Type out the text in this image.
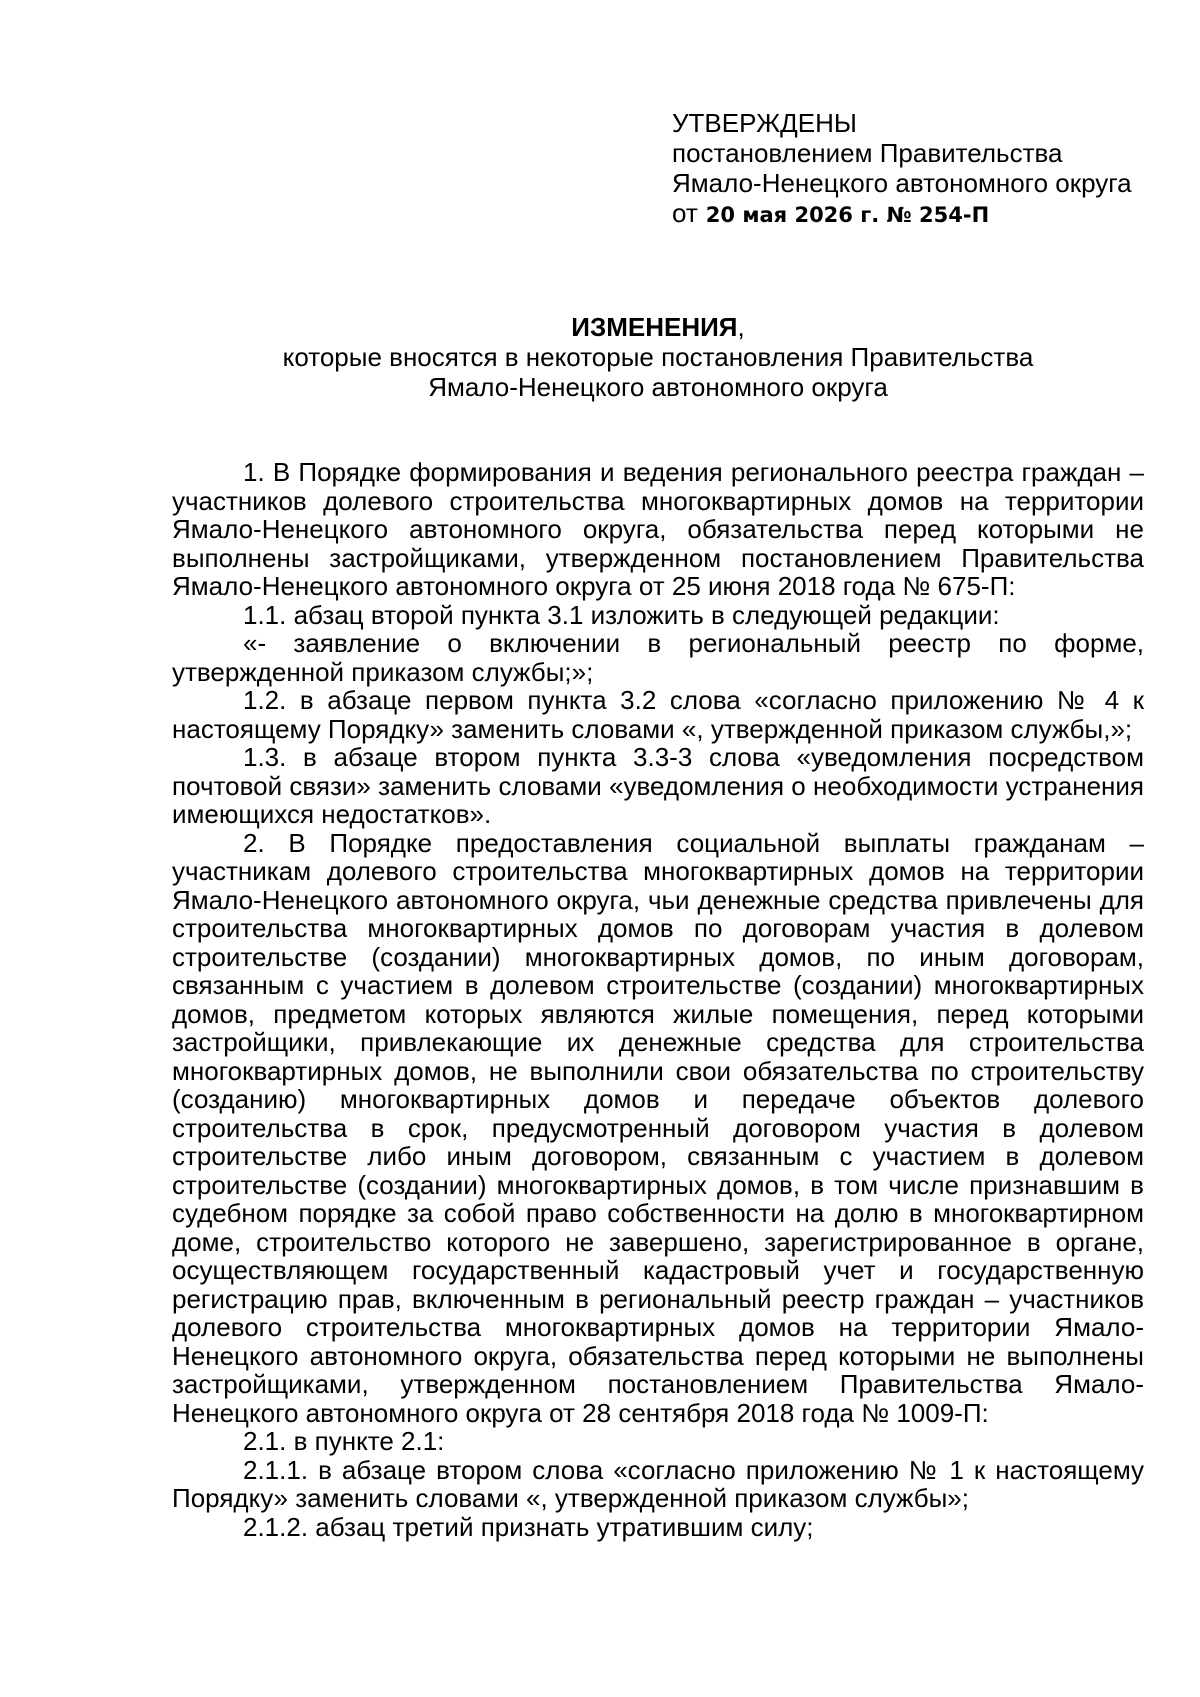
УТВЕРЖДЕНЫ

постановлением Правительства

Ямало-Ненецкого автономного округа

от 20 мая 2026 г. № 254-П

ИЗМЕНЕНИЯ,

которые вносятся в некоторые постановления Правительства

Ямало-Ненецкого автономного округа

1. В Порядке формирования и ведения регионального реестра граждан – участников долевого строительства многоквартирных домов на территории Ямало-Ненецкого автономного округа, обязательства перед которыми не выполнены застройщиками, утвержденном постановлением Правительства Ямало-Ненецкого автономного округа от 25 июня 2018 года № 675-П:

1.1. абзац второй пункта 3.1 изложить в следующей редакции:

«- заявление о включении в региональный реестр по форме, утвержденной приказом службы;»;

1.2. в абзаце первом пункта 3.2 слова «согласно приложению № 4 к настоящему Порядку» заменить словами «, утвержденной приказом службы,»;

1.3. в абзаце втором пункта 3.3-3 слова «уведомления посредством почтовой связи» заменить словами «уведомления о необходимости устранения имеющихся недостатков».

2. В Порядке предоставления социальной выплаты гражданам – участникам долевого строительства многоквартирных домов на территории Ямало-Ненецкого автономного округа, чьи денежные средства привлечены для строительства многоквартирных домов по договорам участия в долевом строительстве (создании) многоквартирных домов, по иным договорам, связанным с участием в долевом строительстве (создании) многоквартирных домов, предметом которых являются жилые помещения, перед которыми застройщики, привлекающие их денежные средства для строительства многоквартирных домов, не выполнили свои обязательства по строительству (созданию) многоквартирных домов и передаче объектов долевого строительства в срок, предусмотренный договором участия в долевом строительстве либо иным договором, связанным с участием в долевом строительстве (создании) многоквартирных домов, в том числе признавшим в судебном порядке за собой право собственности на долю в многоквартирном доме, строительство которого не завершено, зарегистрированное в органе, осуществляющем государственный кадастровый учет и государственную регистрацию прав, включенным в региональный реестр граждан – участников долевого строительства многоквартирных домов на территории Ямало-Ненецкого автономного округа, обязательства перед которыми не выполнены застройщиками, утвержденном постановлением Правительства Ямало-Ненецкого автономного округа от 28 сентября 2018 года № 1009-П:

2.1. в пункте 2.1:

2.1.1. в абзаце втором слова «согласно приложению № 1 к настоящему Порядку» заменить словами «, утвержденной приказом службы»;

2.1.2. абзац третий признать утратившим силу;
